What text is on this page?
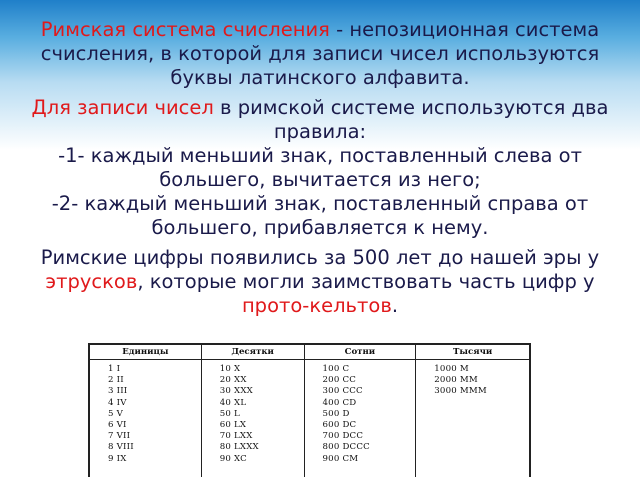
Римская система счисления - непозиционная система счисления, в которой для записи чисел используются буквы латинского алфавита.

Для записи чисел в римской системе используются два правила:
-1- каждый меньший знак, поставленный слева от большего, вычитается из него;
-2- каждый меньший знак, поставленный справа от большего, прибавляется к нему.

Римские цифры появились за 500 лет до нашей эры у этрусков, которые могли заимствовать часть цифр у прото-кельтов.

Единицы
1 I
2 II
3 III
4 IV
5 V
6 VI
7 VII
8 VIII
9 IX
Десятки
10 X
20 XX
30 XXX
40 XL
50 L
60 LX
70 LXX
80 LXXX
90 XC
Сотни
100 C
200 CC
300 CCC
400 CD
500 D
600 DC
700 DCC
800 DCCC
900 CM
Тысячи
1000 M
2000 MM
3000 MMM
